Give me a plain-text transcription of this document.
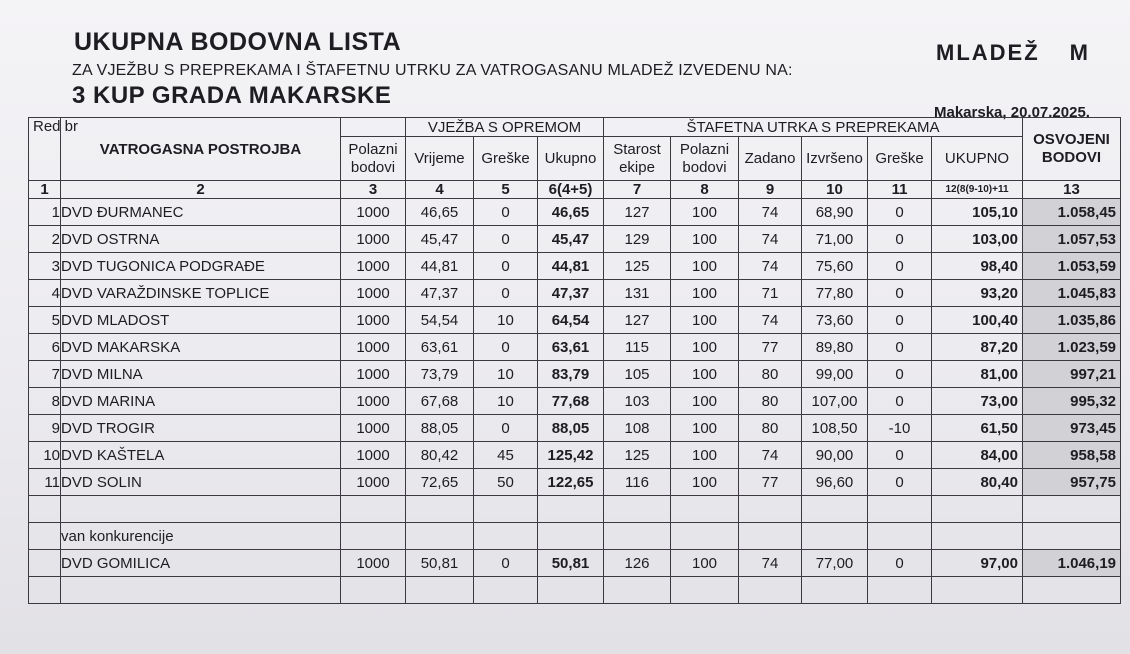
UKUPNA BODOVNA LISTA
ZA VJEŽBU S PREPREKAMA I ŠTAFETNU UTRKU ZA VATROGASANU MLADEŽ IZVEDENU NA:
3 KUP GRADA MAKARSKE
MLADEŽ M
Makarska, 20.07.2025.
Red br	VATROGASNA POSTROJBA		VJEŽBA S OPREMOM			ŠTAFETNA UTRKA S PREPREKAMA						OSVOJENI BODOVI
		Polazni bodovi	Vrijeme	Greške	Ukupno	Starost ekipe	Polazni bodovi	Zadano	Izvršeno	Greške	UKUPNO	
1	2	3	4	5	6(4+5)	7	8	9	10	11	12(8(9-10)+11	13
1	DVD ĐURMANEC	1000	46,65	0	46,65	127	100	74	68,90	0	105,10	1.058,45
2	DVD OSTRNA	1000	45,47	0	45,47	129	100	74	71,00	0	103,00	1.057,53
3	DVD TUGONICA PODGRAĐE	1000	44,81	0	44,81	125	100	74	75,60	0	98,40	1.053,59
4	DVD VARAŽDINSKE TOPLICE	1000	47,37	0	47,37	131	100	71	77,80	0	93,20	1.045,83
5	DVD MLADOST	1000	54,54	10	64,54	127	100	74	73,60	0	100,40	1.035,86
6	DVD MAKARSKA	1000	63,61	0	63,61	115	100	77	89,80	0	87,20	1.023,59
7	DVD MILNA	1000	73,79	10	83,79	105	100	80	99,00	0	81,00	997,21
8	DVD MARINA	1000	67,68	10	77,68	103	100	80	107,00	0	73,00	995,32
9	DVD TROGIR	1000	88,05	0	88,05	108	100	80	108,50	-10	61,50	973,45
10	DVD KAŠTELA	1000	80,42	45	125,42	125	100	74	90,00	0	84,00	958,58
11	DVD SOLIN	1000	72,65	50	122,65	116	100	77	96,60	0	80,40	957,75

	van konkurencije											
	DVD GOMILICA	1000	50,81	0	50,81	126	100	74	77,00	0	97,00	1.046,19
